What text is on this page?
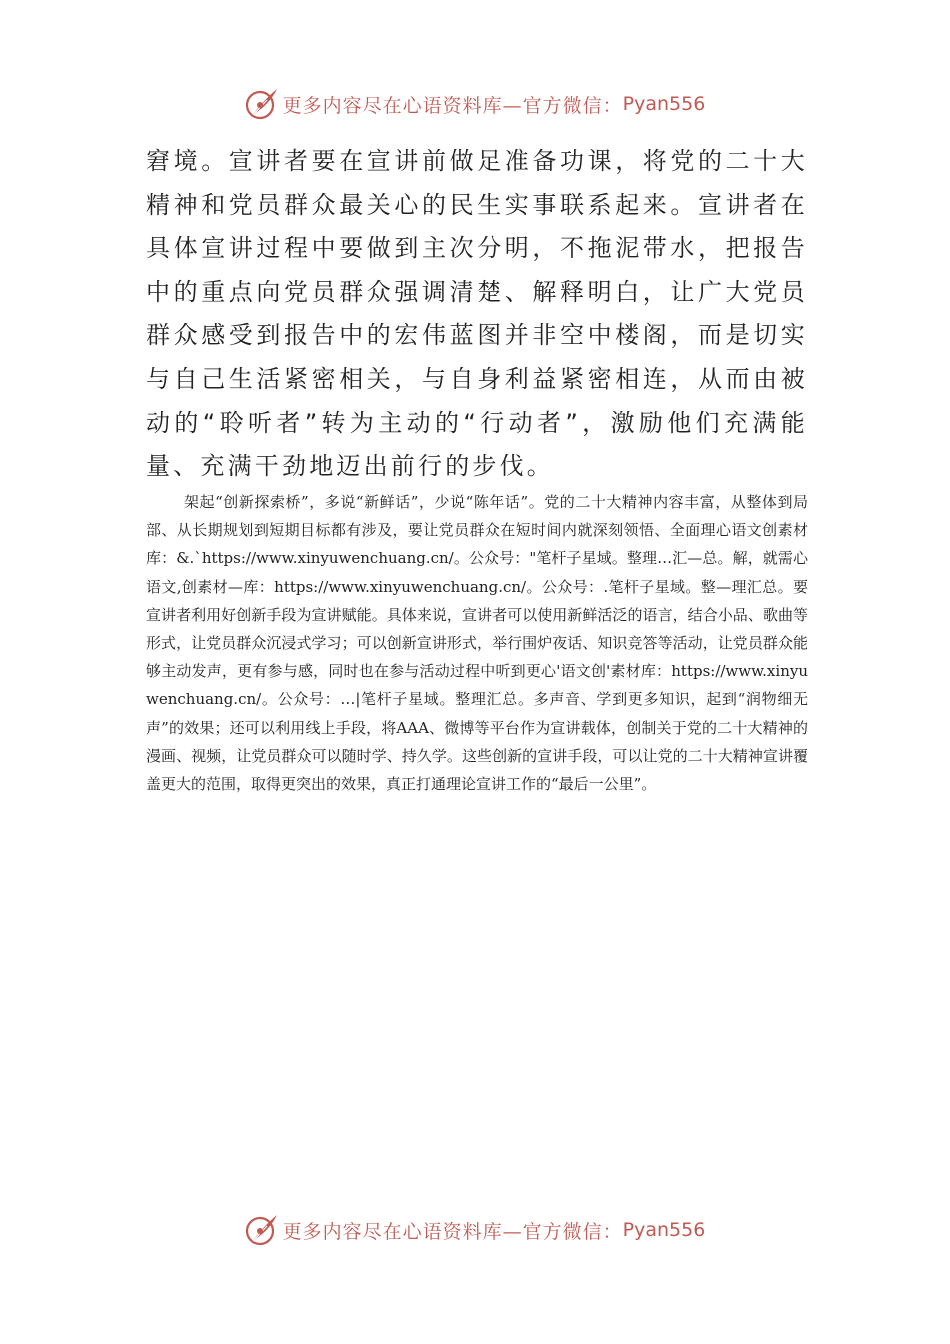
更多内容尽在心语资料库—官方微信： Pyan556

窘境。宣讲者要在宣讲前做足准备功课，将党的二十大精神和党员群众最关心的民生实事联系起来。宣讲者在具体宣讲过程中要做到主次分明，不拖泥带水，把报告中的重点向党员群众强调清楚、解释明白，让广大党员群众感受到报告中的宏伟蓝图并非空中楼阁，而是切实与自己生活紧密相关，与自身利益紧密相连，从而由被动的“聆听者”转为主动的“行动者”，激励他们充满能量、充满干劲地迈出前行的步伐。

架起“创新探索桥”，多说“新鲜话”，少说“陈年话”。党的二十大精神内容丰富，从整体到局部、从长期规划到短期目标都有涉及，要让党员群众在短时间内就深刻领悟、全面理心语文创素材库：&.`https://www.xinyuwenchuang.cn/。公众号："笔杆子星域。整理…汇—总。解，就需心语文,创素材—库：https://www.xinyuwenchuang.cn/。公众号：.笔杆子星域。整—理汇总。要宣讲者利用好创新手段为宣讲赋能。具体来说，宣讲者可以使用新鲜活泛的语言，结合小品、歌曲等形式，让党员群众沉浸式学习；可以创新宣讲形式，举行围炉夜话、知识竞答等活动，让党员群众能够主动发声，更有参与感，同时也在参与活动过程中听到更心'语文创'素材库：https://www.xinyuwenchuang.cn/。公众号：…|笔杆子星域。整理汇总。多声音、学到更多知识，起到“润物细无声”的效果；还可以利用线上手段，将AAA、微博等平台作为宣讲载体，创制关于党的二十大精神的漫画、视频，让党员群众可以随时学、持久学。这些创新的宣讲手段，可以让党的二十大精神宣讲覆盖更大的范围，取得更突出的效果，真正打通理论宣讲工作的“最后一公里”。

更多内容尽在心语资料库—官方微信： Pyan556
